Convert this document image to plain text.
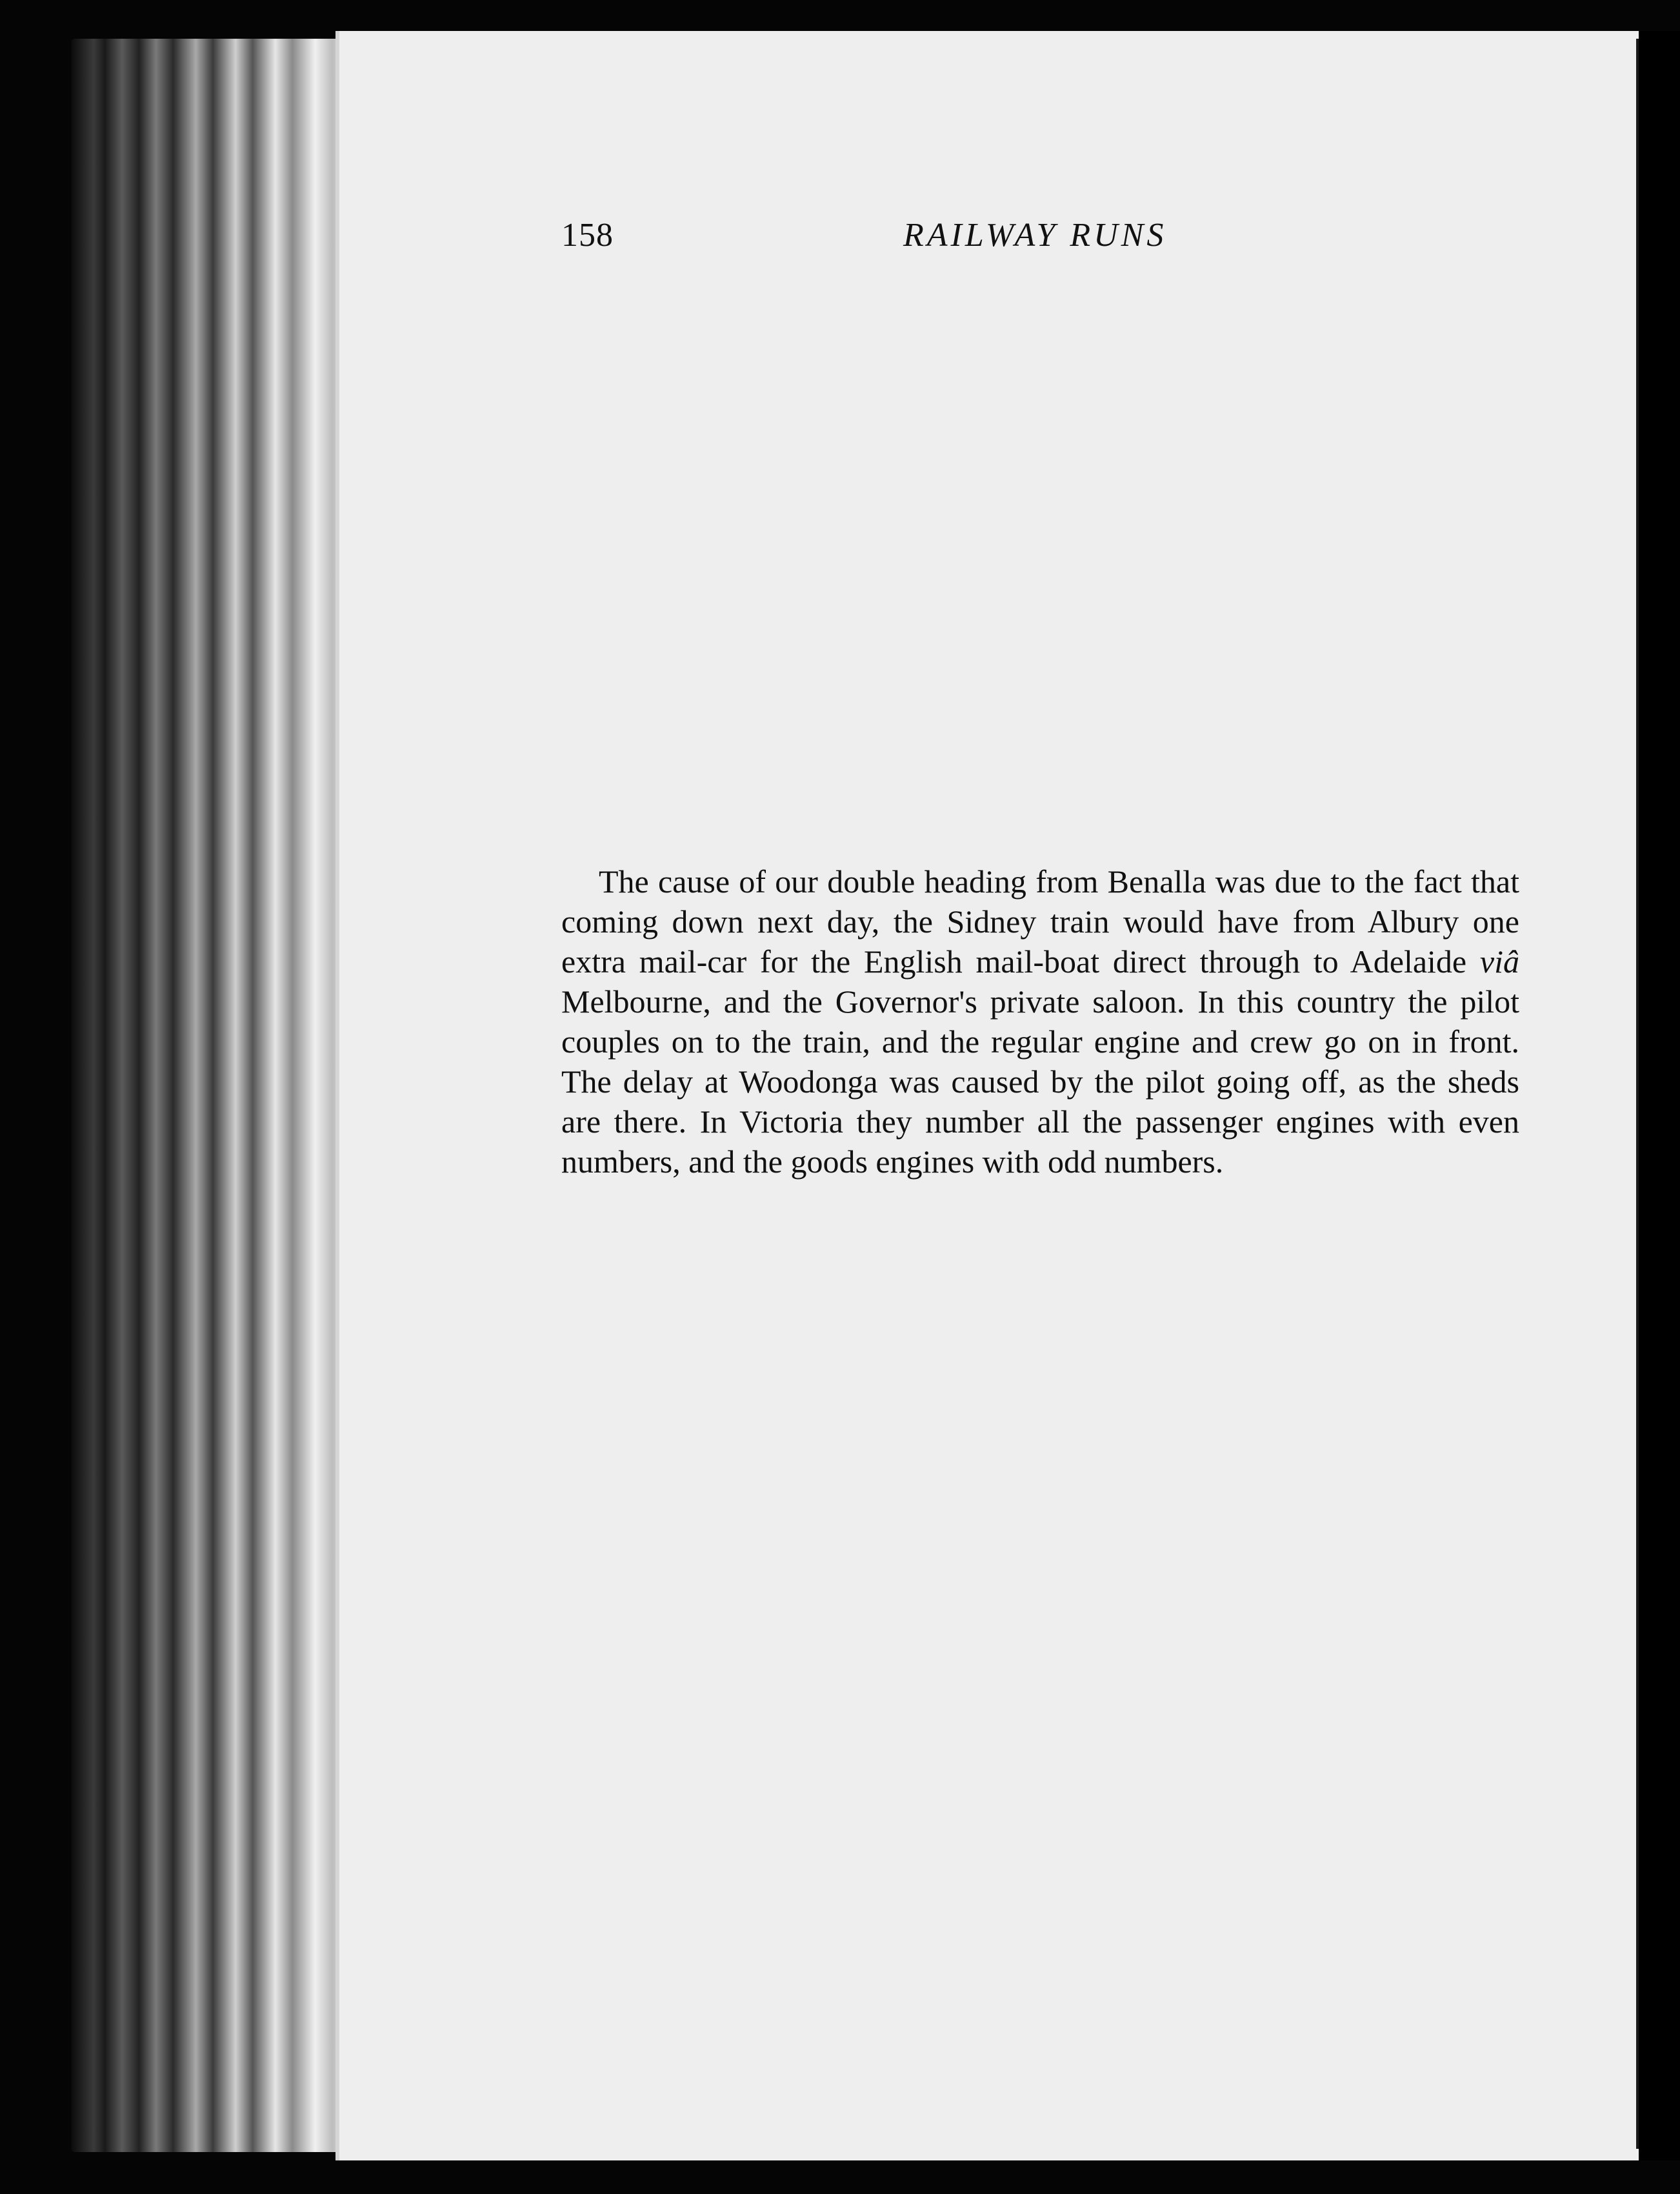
158	RAILWAY RUNS

The cause of our double heading from Benalla was due to the fact that coming down next day, the Sidney train would have from Albury one extra mail-car for the English mail-boat direct through to Adelaide viâ Melbourne, and the Governor's private saloon. In this country the pilot couples on to the train, and the regular engine and crew go on in front. The delay at Woodonga was caused by the pilot going off, as the sheds are there. In Victoria they number all the passenger engines with even numbers, and the goods engines with odd numbers.
